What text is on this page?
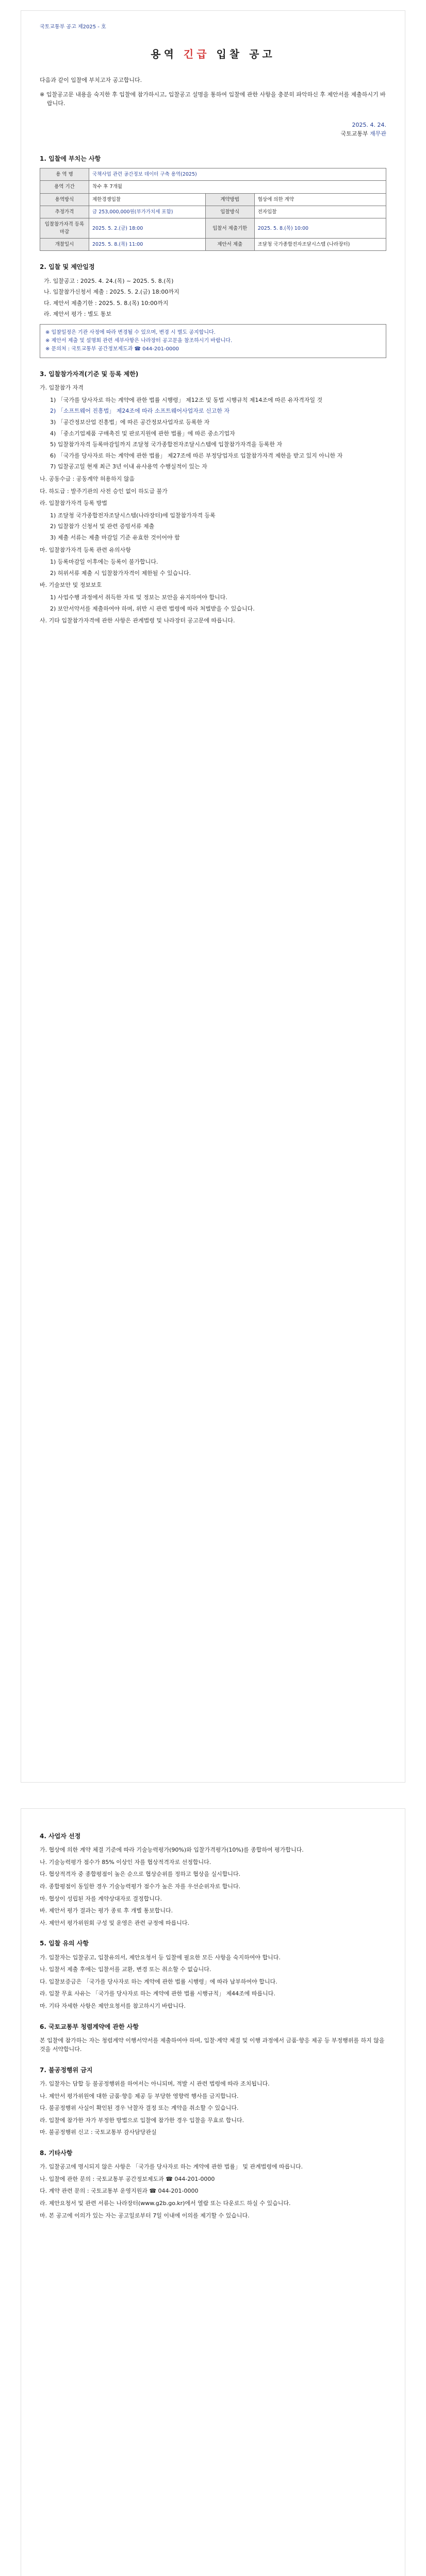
국토교통부 공고 제2025 - 호
용역 긴급 입찰 공고
다음과 같이 입찰에 부치고자 공고합니다.
※ 입찰공고문 내용을 숙지한 후 입찰에 참가하시고, 입찰공고 설명을 통하여 입찰에 관한 사항을 충분히 파악하신 후 제안서를 제출하시기 바랍니다.
2025. 4. 24.
국토교통부 재무관
1. 입찰에 부치는 사항
용 역 명	국책사업 관련 공간정보 데이터 구축 용역(2025)		
용역 기간	착수 후 7개월		
용역방식	제한경쟁입찰	계약방법	협상에 의한 계약
추정가격	금 253,000,000원(부가가치세 포함)	입찰방식	전자입찰
입찰참가자격 등록마감	2025. 5. 2.(금) 18:00	입찰서 제출기한	2025. 5. 8.(목) 10:00
개찰일시	2025. 5. 8.(목) 11:00	제안서 제출	조달청 국가종합전자조달시스템 (나라장터)
2. 입찰 및 제안일정
가. 입찰공고 : 2025. 4. 24.(목) ~ 2025. 5. 8.(목)
나. 입찰참가신청서 제출 : 2025. 5. 2.(금) 18:00까지
다. 제안서 제출기한 : 2025. 5. 8.(목) 10:00까지
라. 제안서 평가 : 별도 통보
※ 입찰일정은 기관 사정에 따라 변경될 수 있으며, 변경 시 별도 공지합니다.
※ 제안서 제출 및 설명회 관련 세부사항은 나라장터 공고문을 참조하시기 바랍니다.
※ 문의처 : 국토교통부 공간정보제도과 ☎ 044-201-0000
3. 입찰참가자격(기준 및 등록 제한)
가. 입찰참가 자격
1) 「국가를 당사자로 하는 계약에 관한 법률 시행령」 제12조 및 동법 시행규칙 제14조에 따른 유자격자일 것
2) 「소프트웨어 진흥법」 제24조에 따라 소프트웨어사업자로 신고한 자
3) 「공간정보산업 진흥법」에 따른 공간정보사업자로 등록한 자
4) 「중소기업제품 구매촉진 및 판로지원에 관한 법률」에 따른 중소기업자
5) 입찰참가자격 등록마감일까지 조달청 국가종합전자조달시스템에 입찰참가자격을 등록한 자
6) 「국가를 당사자로 하는 계약에 관한 법률」 제27조에 따른 부정당업자로 입찰참가자격 제한을 받고 있지 아니한 자
7) 입찰공고일 현재 최근 3년 이내 유사용역 수행실적이 있는 자
나. 공동수급 : 공동계약 허용하지 않음
다. 하도급 : 발주기관의 사전 승인 없이 하도급 불가
라. 입찰참가자격 등록 방법
1) 조달청 국가종합전자조달시스템(나라장터)에 입찰참가자격 등록
2) 입찰참가 신청서 및 관련 증빙서류 제출
3) 제출 서류는 제출 마감일 기준 유효한 것이어야 함
마. 입찰참가자격 등록 관련 유의사항
1) 등록마감일 이후에는 등록이 불가합니다.
2) 허위서류 제출 시 입찰참가자격이 제한될 수 있습니다.
바. 기술보안 및 정보보호
1) 사업수행 과정에서 취득한 자료 및 정보는 보안을 유지하여야 합니다.
2) 보안서약서를 제출하여야 하며, 위반 시 관련 법령에 따라 처벌받을 수 있습니다.
사. 기타 입찰참가자격에 관한 사항은 관계법령 및 나라장터 공고문에 따릅니다.
4. 사업자 선정
가. 협상에 의한 계약 체결 기준에 따라 기술능력평가(90%)와 입찰가격평가(10%)를 종합하여 평가합니다.
나. 기술능력평가 점수가 85% 이상인 자를 협상적격자로 선정합니다.
다. 협상적격자 중 종합평점이 높은 순으로 협상순위를 정하고 협상을 실시합니다.
라. 종합평점이 동일한 경우 기술능력평가 점수가 높은 자를 우선순위자로 합니다.
마. 협상이 성립된 자를 계약상대자로 결정합니다.
바. 제안서 평가 결과는 평가 종료 후 개별 통보합니다.
사. 제안서 평가위원회 구성 및 운영은 관련 규정에 따릅니다.
5. 입찰 유의 사항
가. 입찰자는 입찰공고, 입찰유의서, 제안요청서 등 입찰에 필요한 모든 사항을 숙지하여야 합니다.
나. 입찰서 제출 후에는 입찰서를 교환, 변경 또는 취소할 수 없습니다.
다. 입찰보증금은 「국가를 당사자로 하는 계약에 관한 법률 시행령」에 따라 납부하여야 합니다.
라. 입찰 무효 사유는 「국가를 당사자로 하는 계약에 관한 법률 시행규칙」 제44조에 따릅니다.
마. 기타 자세한 사항은 제안요청서를 참고하시기 바랍니다.
6. 국토교통부 청렴계약에 관한 사항
본 입찰에 참가하는 자는 청렴계약 이행서약서를 제출하여야 하며, 입찰·계약 체결 및 이행 과정에서 금품·향응 제공 등 부정행위를 하지 않을 것을 서약합니다.
7. 불공정행위 금지
가. 입찰자는 담합 등 불공정행위를 하여서는 아니되며, 적발 시 관련 법령에 따라 조치됩니다.
나. 제안서 평가위원에 대한 금품·향응 제공 등 부당한 영향력 행사를 금지합니다.
다. 불공정행위 사실이 확인된 경우 낙찰자 결정 또는 계약을 취소할 수 있습니다.
라. 입찰에 참가한 자가 부정한 방법으로 입찰에 참가한 경우 입찰을 무효로 합니다.
마. 불공정행위 신고 : 국토교통부 감사담당관실
8. 기타사항
가. 입찰공고에 명시되지 않은 사항은 「국가를 당사자로 하는 계약에 관한 법률」 및 관계법령에 따릅니다.
나. 입찰에 관한 문의 : 국토교통부 공간정보제도과 ☎ 044-201-0000
다. 계약 관련 문의 : 국토교통부 운영지원과 ☎ 044-201-0000
라. 제안요청서 및 관련 서류는 나라장터(www.g2b.go.kr)에서 열람 또는 다운로드 하실 수 있습니다.
마. 본 공고에 이의가 있는 자는 공고일로부터 7일 이내에 이의를 제기할 수 있습니다.
